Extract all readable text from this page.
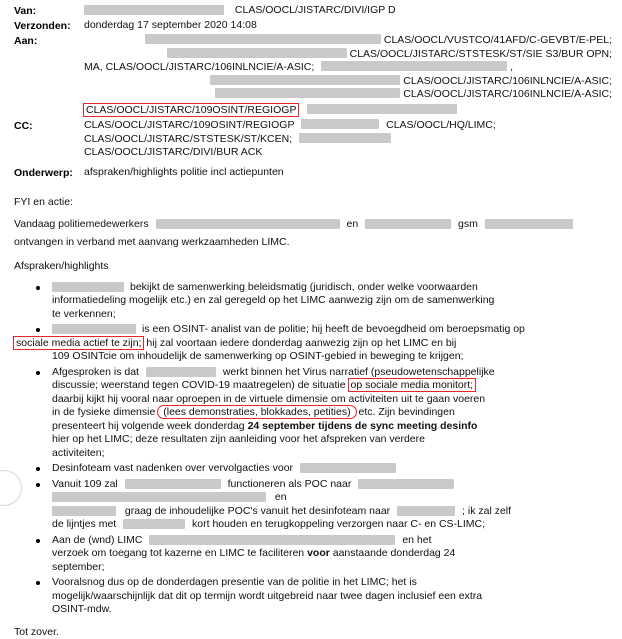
Van:	CLAS/OOCL/JISTARC/DIVI/IGP D
Verzonden:	donderdag 17 september 2020 14:08
Aan:	CLAS/OOCL/VUSTCO/41AFD/C-GEVBT/E-PEL;
CLAS/OOCL/JISTARC/STSTESK/ST/SIE S3/BUR OPN;
MA, CLAS/OOCL/JISTARC/106INLNCIE/A-ASIC;	,
CLAS/OOCL/JISTARC/106INLNCIE/A-ASIC;
CLAS/OOCL/JISTARC/106INLNCIE/A-ASIC;
CLAS/OOCL/JISTARC/109OSINT/REGIOGP
CC:	CLAS/OOCL/JISTARC/109OSINT/REGIOGP	CLAS/OOCL/HQ/LIMC;
CLAS/OOCL/JISTARC/STSTESK/ST/KCEN;
CLAS/OOCL/JISTARC/DIVI/BUR ACK
Onderwerp:	afspraken/highlights politie incl actiepunten
FYI en actie:
Vandaag politiemedewerkers	en	gsm
ontvangen in verband met aanvang werkzaamheden LIMC.
Afspraken/highlights
bekijkt de samenwerking beleidsmatig (juridisch, onder welke voorwaarden
informatiedeling mogelijk etc.) en zal geregeld op het LIMC aanwezig zijn om de samenwerking
te verkennen;
is een OSINT- analist van de politie; hij heeft de bevoegdheid om beroepsmatig op
sociale media actief te zijn; hij zal voortaan iedere donderdag aanwezig zijn op het LIMC en bij
109 OSINTcie om inhoudelijk de samenwerking op OSINT-gebied in beweging te krijgen;
Afgesproken is dat	werkt binnen het Virus narratief (pseudowetenschappelijke
discussie; weerstand tegen COVID-19 maatregelen) de situatie op sociale media monitort;
daarbij kijkt hij vooral naar oproepen in de virtuele dimensie om activiteiten uit te gaan voeren
in de fysieke dimensie (lees demonstraties, blokkades, petities) etc. Zijn bevindingen
presenteert hij volgende week donderdag 24 september tijdens de sync meeting desinfo
hier op het LIMC; deze resultaten zijn aanleiding voor het afspreken van verdere
activiteiten;
Desinfoteam vast nadenken over vervolgacties voor
Vanuit 109 zal	functioneren als POC naar
en
graag de inhoudelijke POC's vanuit het desinfoteam naar	; ik zal zelf
de lijntjes met	kort houden en terugkoppeling verzorgen naar C- en CS-LIMC;
Aan de (wnd) LIMC	en het
verzoek om toegang tot kazerne en LIMC te faciliteren voor aanstaande donderdag 24
september;
Vooralsnog dus op de donderdagen presentie van de politie in het LIMC; het is
mogelijk/waarschijnlijk dat dit op termijn wordt uitgebreid naar twee dagen inclusief een extra
OSINT-mdw.
Tot zover.
